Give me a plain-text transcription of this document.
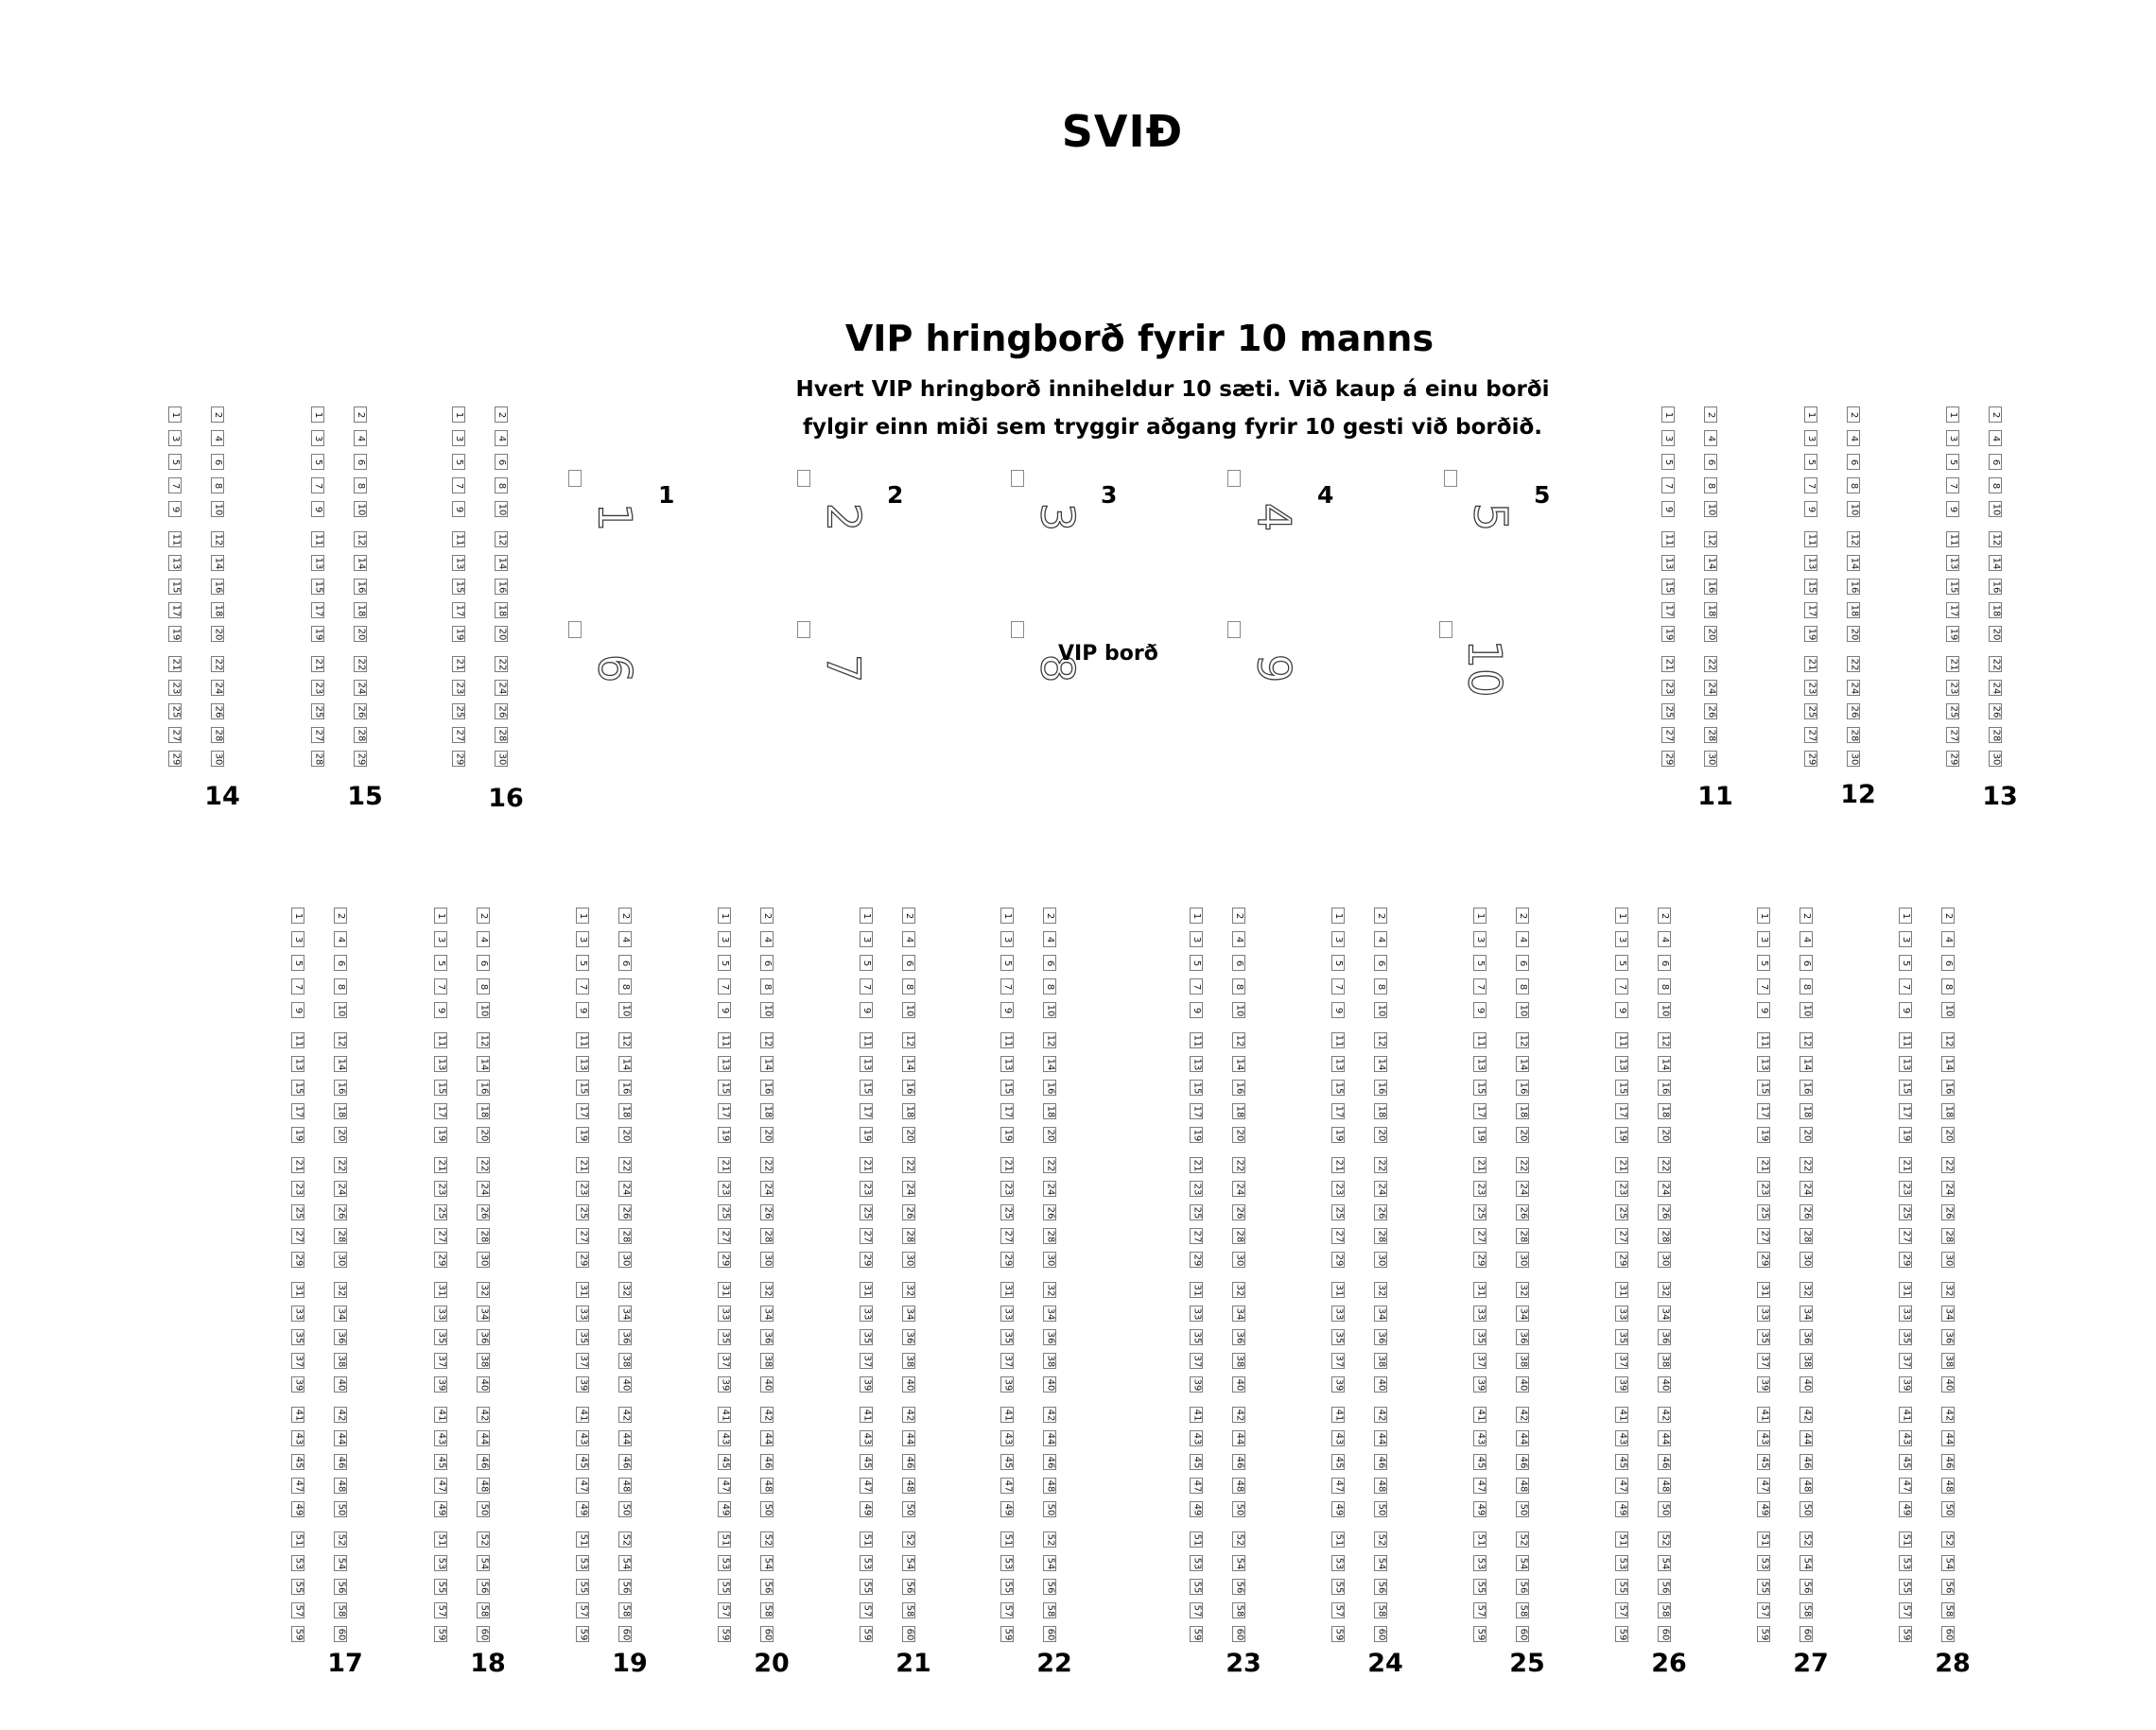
SVIÐ
VIP hringborð fyrir 10 manns
Hvert VIP hringborð inniheldur 10 sæti. Við kaup á einu borði
fylgir einn miði sem tryggir aðgang fyrir 10 gesti við borðið.
1	2
3	4
5	6
7	8
9	10
11	12
13	14
15	16
17	18
19	20
21	22
23	24
25	26
27	28
29	30
14
1	2
3	4
5	6
7	8
9	10
11	12
13	14
15	16
17	18
19	20
21	22
23	24
25	26
27	28
28	29
15
1	2
3	4
5	6
7	8
9	10
11	12
13	14
15	16
17	18
19	20
21	22
23	24
25	26
27	28
29	30
16
1	2
3	4
5	6
7	8
9	10
11	12
13	14
15	16
17	18
19	20
21	22
23	24
25	26
27	28
29	30
11
1	2
3	4
5	6
7	8
9	10
11	12
13	14
15	16
17	18
19	20
21	22
23	24
25	26
27	28
29	30
12
1	2
3	4
5	6
7	8
9	10
11	12
13	14
15	16
17	18
19	20
21	22
23	24
25	26
27	28
29	30
13
1	2
3	4
5	6
7	8
9	10
11	12
13	14
15	16
17	18
19	20
21	22
23	24
25	26
27	28
29	30
31	32
33	34
35	36
37	38
39	40
41	42
43	44
45	46
47	48
49	50
51	52
53	54
55	56
57	58
59	60
17
1	2
3	4
5	6
7	8
9	10
11	12
13	14
15	16
17	18
19	20
21	22
23	24
25	26
27	28
29	30
31	32
33	34
35	36
37	38
39	40
41	42
43	44
45	46
47	48
49	50
51	52
53	54
55	56
57	58
59	60
18
1	2
3	4
5	6
7	8
9	10
11	12
13	14
15	16
17	18
19	20
21	22
23	24
25	26
27	28
29	30
31	32
33	34
35	36
37	38
39	40
41	42
43	44
45	46
47	48
49	50
51	52
53	54
55	56
57	58
59	60
19
1	2
3	4
5	6
7	8
9	10
11	12
13	14
15	16
17	18
19	20
21	22
23	24
25	26
27	28
29	30
31	32
33	34
35	36
37	38
39	40
41	42
43	44
45	46
47	48
49	50
51	52
53	54
55	56
57	58
59	60
20
1	2
3	4
5	6
7	8
9	10
11	12
13	14
15	16
17	18
19	20
21	22
23	24
25	26
27	28
29	30
31	32
33	34
35	36
37	38
39	40
41	42
43	44
45	46
47	48
49	50
51	52
53	54
55	56
57	58
59	60
21
1	2
3	4
5	6
7	8
9	10
11	12
13	14
15	16
17	18
19	20
21	22
23	24
25	26
27	28
29	30
31	32
33	34
35	36
37	38
39	40
41	42
43	44
45	46
47	48
49	50
51	52
53	54
55	56
57	58
59	60
22
1	2
3	4
5	6
7	8
9	10
11	12
13	14
15	16
17	18
19	20
21	22
23	24
25	26
27	28
29	30
31	32
33	34
35	36
37	38
39	40
41	42
43	44
45	46
47	48
49	50
51	52
53	54
55	56
57	58
59	60
23
1	2
3	4
5	6
7	8
9	10
11	12
13	14
15	16
17	18
19	20
21	22
23	24
25	26
27	28
29	30
31	32
33	34
35	36
37	38
39	40
41	42
43	44
45	46
47	48
49	50
51	52
53	54
55	56
57	58
59	60
24
1	2
3	4
5	6
7	8
9	10
11	12
13	14
15	16
17	18
19	20
21	22
23	24
25	26
27	28
29	30
31	32
33	34
35	36
37	38
39	40
41	42
43	44
45	46
47	48
49	50
51	52
53	54
55	56
57	58
59	60
25
1	2
3	4
5	6
7	8
9	10
11	12
13	14
15	16
17	18
19	20
21	22
23	24
25	26
27	28
29	30
31	32
33	34
35	36
37	38
39	40
41	42
43	44
45	46
47	48
49	50
51	52
53	54
55	56
57	58
59	60
26
1	2
3	4
5	6
7	8
9	10
11	12
13	14
15	16
17	18
19	20
21	22
23	24
25	26
27	28
29	30
31	32
33	34
35	36
37	38
39	40
41	42
43	44
45	46
47	48
49	50
51	52
53	54
55	56
57	58
59	60
27
1	2
3	4
5	6
7	8
9	10
11	12
13	14
15	16
17	18
19	20
21	22
23	24
25	26
27	28
29	30
31	32
33	34
35	36
37	38
39	40
41	42
43	44
45	46
47	48
49	50
51	52
53	54
55	56
57	58
59	60
28
1
1
2
2
3
3
4
4
5
5
6	7	8
VIP borð
9	10
